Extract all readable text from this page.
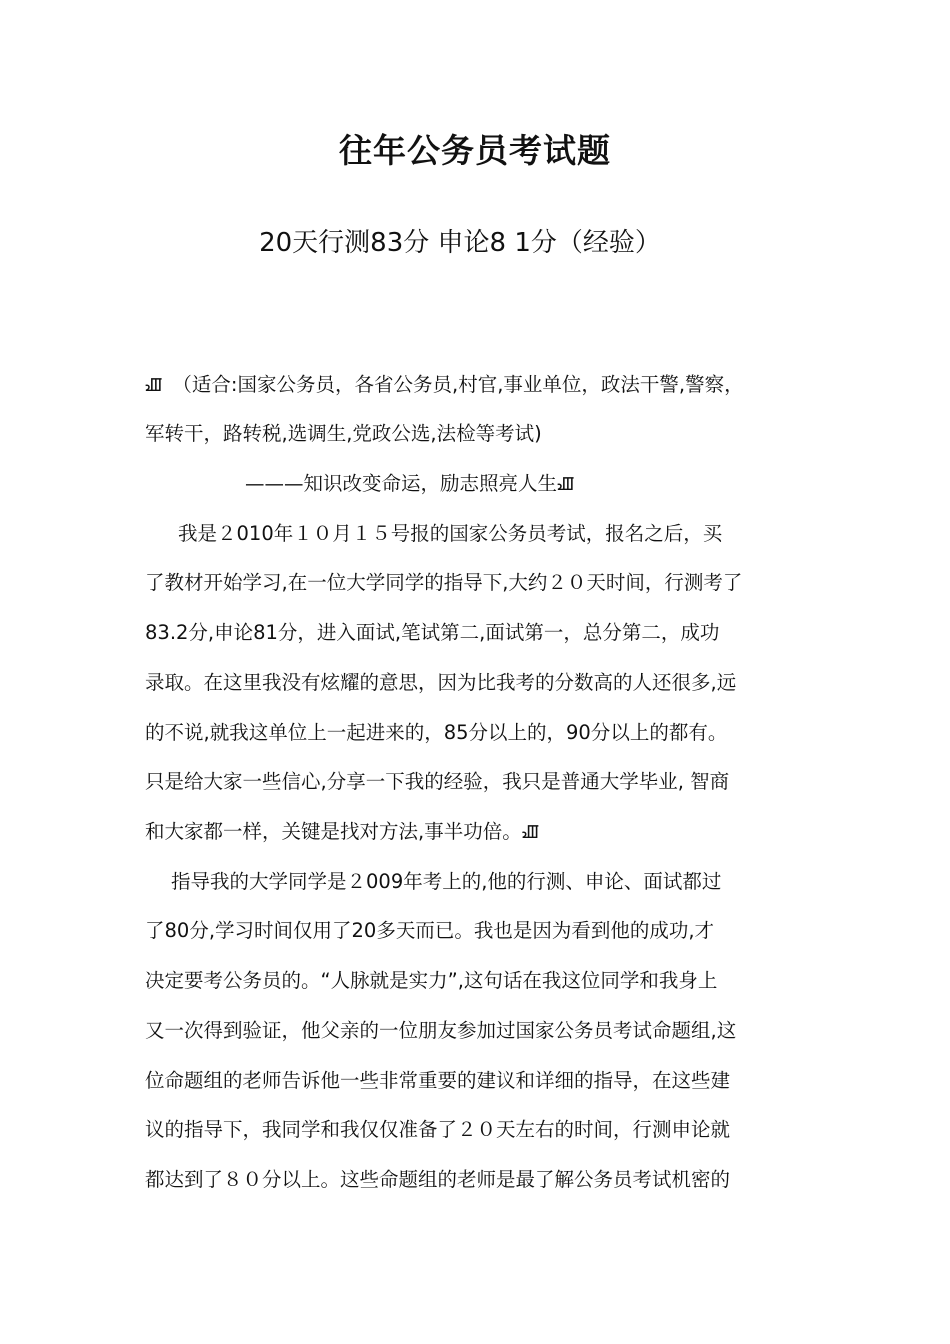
往年公务员考试题
20天行测83分 申论8 1分（经验）
ꯉ　（适合:国家公务员，各省公务员,村官,事业单位，政法干警,警察，
军转干，路转税,选调生,党政公选,法检等考试)
———知识改变命运，励志照亮人生ꯉ
我是２010年１０月１５号报的国家公务员考试，报名之后，买
了教材开始学习,在一位大学同学的指导下,大约２０天时间，行测考了
83.2分,申论81分，进入面试,笔试第二,面试第一，总分第二，成功
录取。在这里我没有炫耀的意思，因为比我考的分数高的人还很多,远
的不说,就我这单位上一起进来的，85分以上的，90分以上的都有。
只是给大家一些信心,分享一下我的经验，我只是普通大学毕业, 智商
和大家都一样，关键是找对方法,事半功倍。ꯉ
指导我的大学同学是２009年考上的,他的行测、申论、面试都过
了80分,学习时间仅用了20多天而已。我也是因为看到他的成功,才
决定要考公务员的。“人脉就是实力”,这句话在我这位同学和我身上
又一次得到验证，他父亲的一位朋友参加过国家公务员考试命题组,这
位命题组的老师告诉他一些非常重要的建议和详细的指导，在这些建
议的指导下，我同学和我仅仅准备了２０天左右的时间，行测申论就
都达到了８０分以上。这些命题组的老师是最了解公务员考试机密的
